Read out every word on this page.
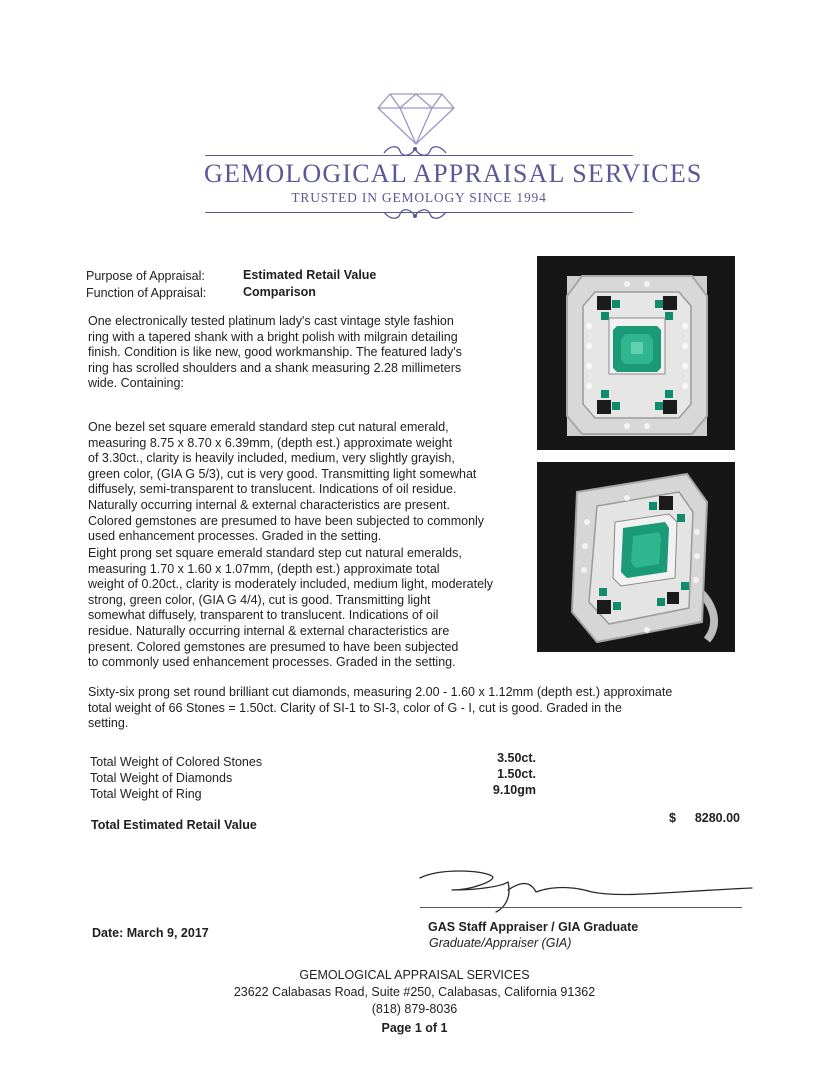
GEMOLOGICAL APPRAISAL SERVICES
TRUSTED IN GEMOLOGY SINCE 1994
Purpose of Appraisal:	Estimated Retail Value
Function of Appraisal:	Comparison

One electronically tested platinum lady's cast vintage style fashion

ring with a tapered shank with a bright polish with milgrain detailing

finish. Condition is like new, good workmanship. The featured lady's

ring has scrolled shoulders and a shank measuring 2.28 millimeters

wide. Containing:

One bezel set square emerald standard step cut natural emerald,

measuring 8.75 x 8.70 x 6.39mm, (depth est.) approximate weight

of 3.30ct., clarity is heavily included, medium, very slightly grayish,

green color, (GIA G 5/3), cut is very good. Transmitting light somewhat

diffusely, semi-transparent to translucent. Indications of oil residue.

Naturally occurring internal & external characteristics are present.

Colored gemstones are presumed to have been subjected to commonly

used enhancement processes. Graded in the setting.

Eight prong set square emerald standard step cut natural emeralds,

measuring 1.70 x 1.60 x 1.07mm, (depth est.) approximate total

weight of 0.20ct., clarity is moderately included, medium light, moderately

strong, green color, (GIA G 4/4), cut is good. Transmitting light

somewhat diffusely, transparent to translucent. Indications of oil

residue. Naturally occurring internal & external characteristics are

present. Colored gemstones are presumed to have been subjected

to commonly used enhancement processes. Graded in the setting.

Sixty-six prong set round brilliant cut diamonds, measuring 2.00 - 1.60 x 1.12mm (depth est.) approximate

total weight of 66 Stones = 1.50ct. Clarity of SI-1 to SI-3, color of G - I, cut is good. Graded in the

setting.

Total Weight of Colored Stones	3.50ct.
Total Weight of Diamonds	1.50ct.
Total Weight of Ring	9.10gm
Total Estimated Retail Value	$	8280.00
Date: March 9, 2017	GAS Staff Appraiser / GIA Graduate
Graduate/Appraiser (GIA)
GEMOLOGICAL APPRAISAL SERVICES
23622 Calabasas Road, Suite #250, Calabasas, California 91362
(818) 879-8036
Page 1 of 1
